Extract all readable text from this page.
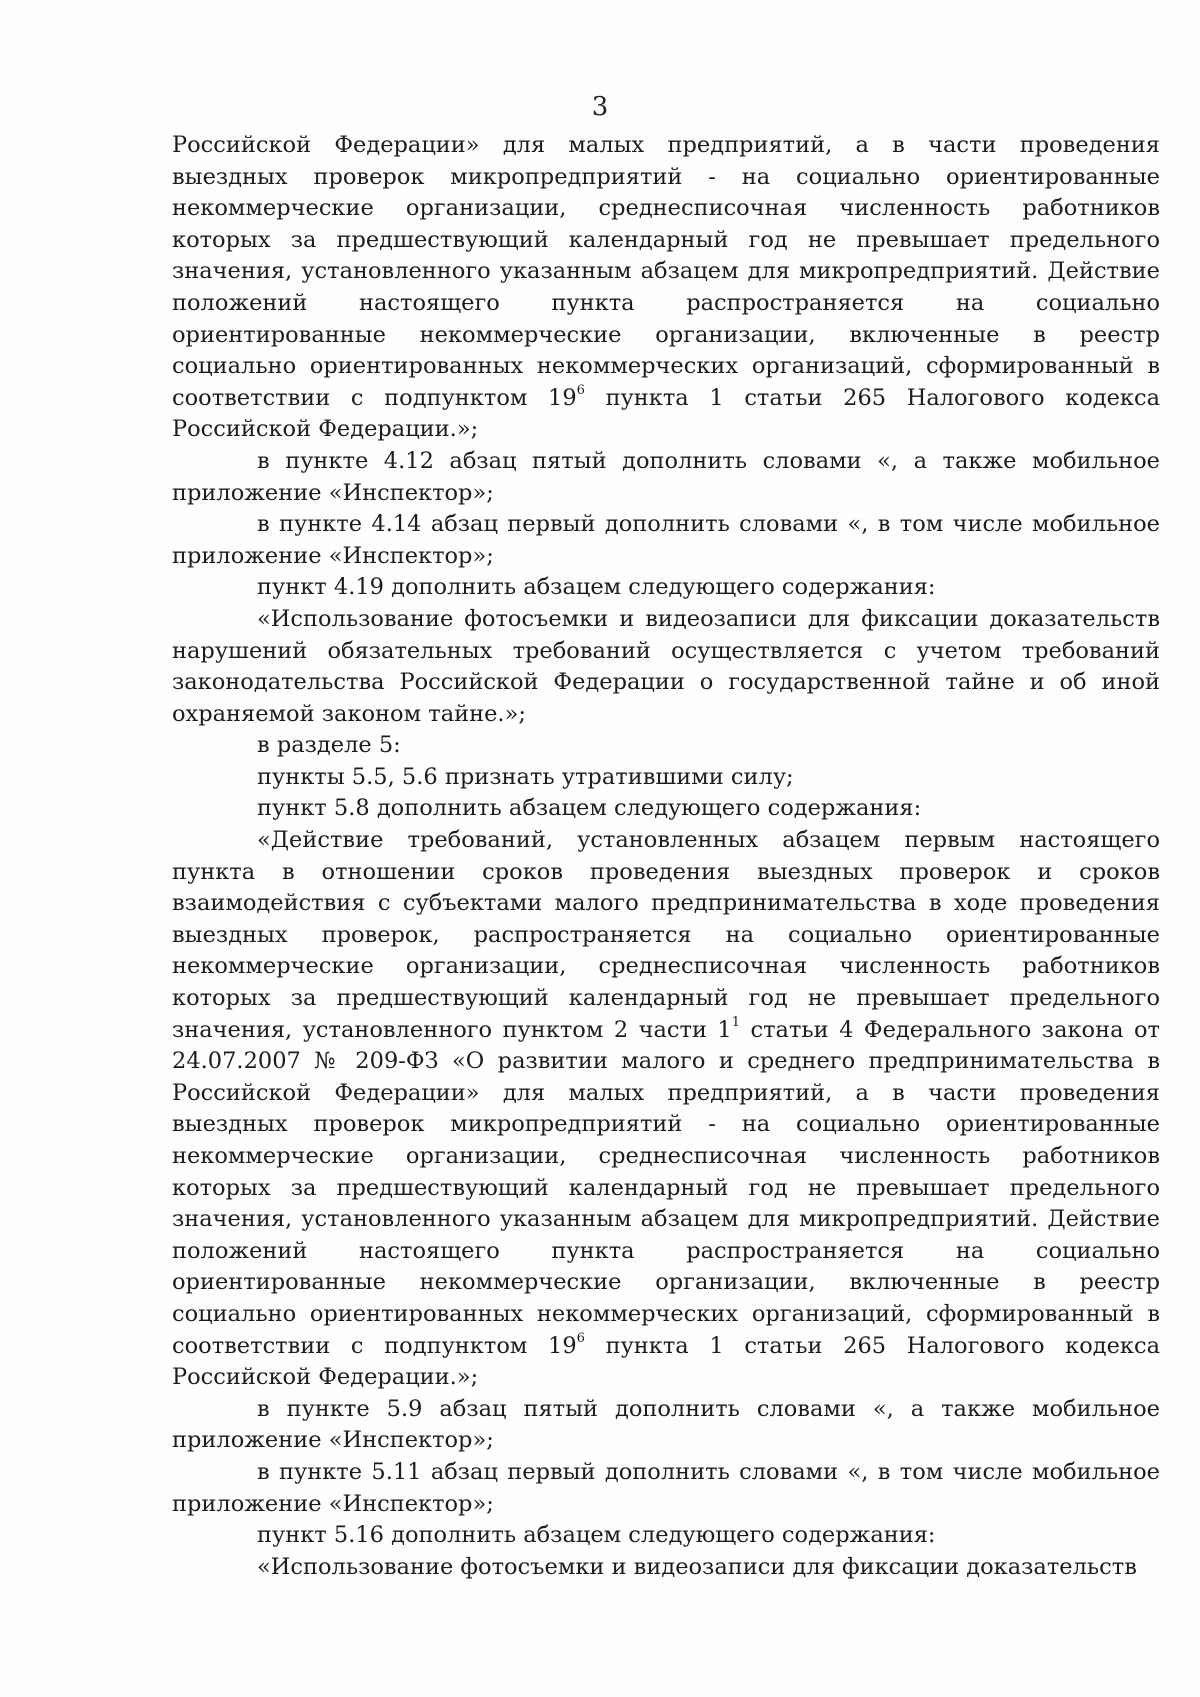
3
Российской Федерации» для малых предприятий, а в части проведения
выездных проверок микропредприятий - на социально ориентированные
некоммерческие организации, среднесписочная численность работников
которых за предшествующий календарный год не превышает предельного
значения, установленного указанным абзацем для микропредприятий. Действие
положений настоящего пункта распространяется на социально
ориентированные некоммерческие организации, включенные в реестр
социально ориентированных некоммерческих организаций, сформированный в
соответствии с подпунктом $19^6$ пункта 1 статьи 265 Налогового кодекса
Российской Федерации.»;
в пункте 4.12 абзац пятый дополнить словами «, а также мобильное
приложение «Инспектор»;
в пункте 4.14 абзац первый дополнить словами «, в том числе мобильное
приложение «Инспектор»;
пункт 4.19 дополнить абзацем следующего содержания:
«Использование фотосъемки и видеозаписи для фиксации доказательств
нарушений обязательных требований осуществляется с учетом требований
законодательства Российской Федерации о государственной тайне и об иной
охраняемой законом тайне.»;
в разделе 5:
пункты 5.5, 5.6 признать утратившими силу;
пункт 5.8 дополнить абзацем следующего содержания:
«Действие требований, установленных абзацем первым настоящего
пункта в отношении сроков проведения выездных проверок и сроков
взаимодействия с субъектами малого предпринимательства в ходе проведения
выездных проверок, распространяется на социально ориентированные
некоммерческие организации, среднесписочная численность работников
которых за предшествующий календарный год не превышает предельного
значения, установленного пунктом 2 части $1^1$ статьи 4 Федерального закона от
24.07.2007 № 209-ФЗ «О развитии малого и среднего предпринимательства в
Российской Федерации» для малых предприятий, а в части проведения
выездных проверок микропредприятий - на социально ориентированные
некоммерческие организации, среднесписочная численность работников
которых за предшествующий календарный год не превышает предельного
значения, установленного указанным абзацем для микропредприятий. Действие
положений настоящего пункта распространяется на социально
ориентированные некоммерческие организации, включенные в реестр
социально ориентированных некоммерческих организаций, сформированный в
соответствии с подпунктом $19^6$ пункта 1 статьи 265 Налогового кодекса
Российской Федерации.»;
в пункте 5.9 абзац пятый дополнить словами «, а также мобильное
приложение «Инспектор»;
в пункте 5.11 абзац первый дополнить словами «, в том числе мобильное
приложение «Инспектор»;
пункт 5.16 дополнить абзацем следующего содержания:
«Использование фотосъемки и видеозаписи для фиксации доказательств
